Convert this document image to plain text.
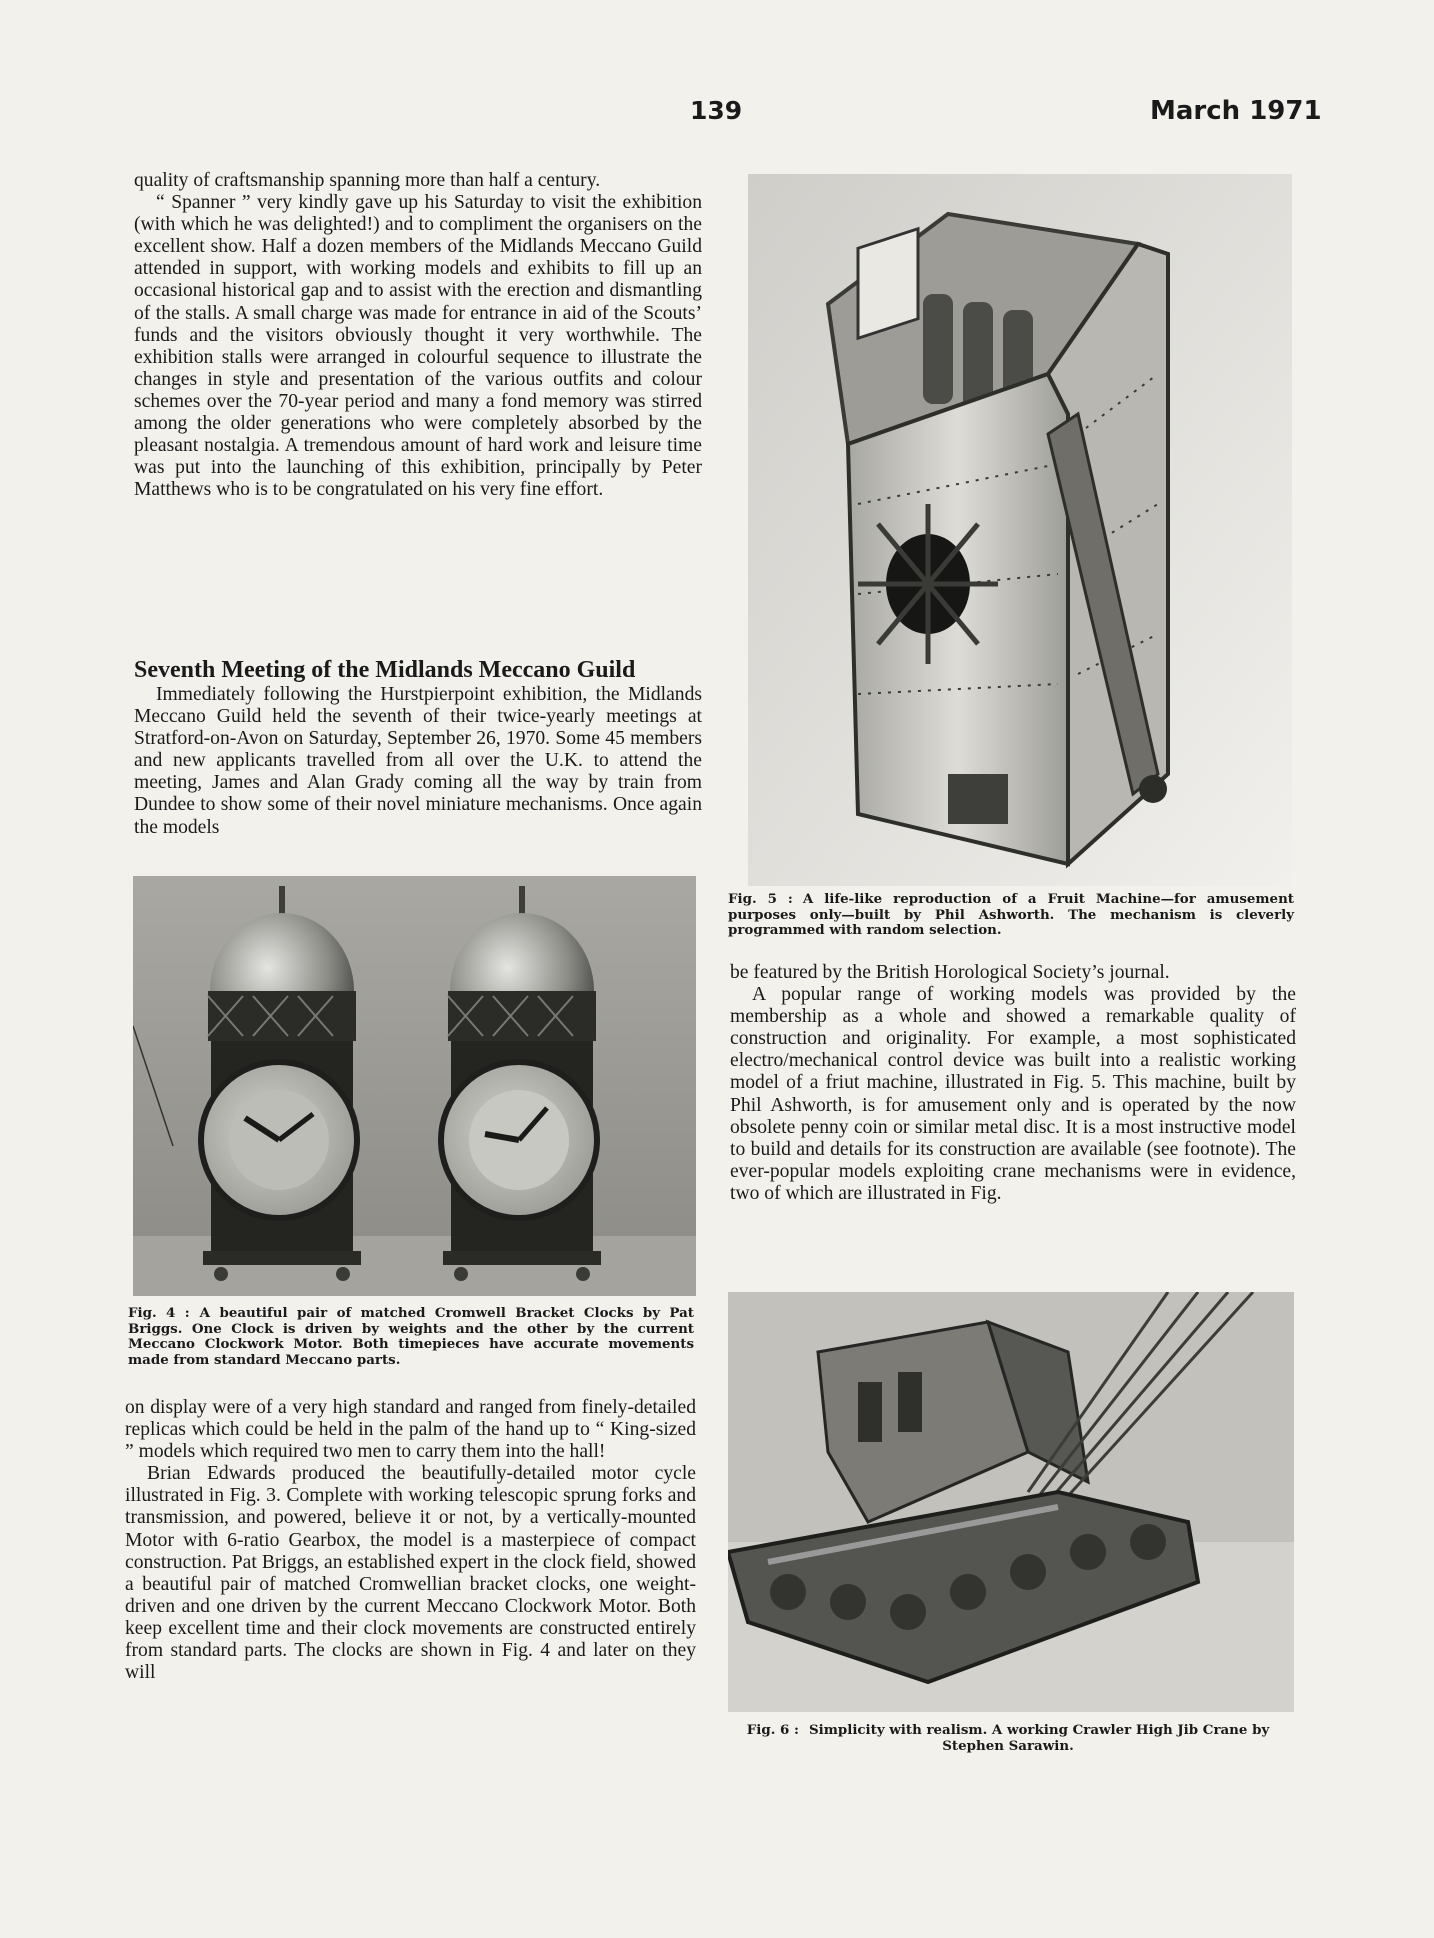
139	March 1971

quality of craftsmanship spanning more than half a century.

“ Spanner ” very kindly gave up his Saturday to visit the exhibition (with which he was delighted!) and to compliment the organisers on the excellent show. Half a dozen members of the Midlands Meccano Guild attended in support, with working models and exhibits to fill up an occasional historical gap and to assist with the erection and dismantling of the stalls. A small charge was made for entrance in aid of the Scouts’ funds and the visitors obviously thought it very worthwhile. The exhibition stalls were arranged in colourful sequence to illustrate the changes in style and presentation of the various outfits and colour schemes over the 70-year period and many a fond memory was stirred among the older generations who were completely absorbed by the pleasant nostalgia. A tremendous amount of hard work and leisure time was put into the launching of this exhibition, principally by Peter Matthews who is to be congratulated on his very fine effort.

Seventh Meeting of the Midlands Meccano Guild

Immediately following the Hurstpierpoint exhibition, the Midlands Meccano Guild held the seventh of their twice-yearly meetings at Stratford-on-Avon on Saturday, September 26, 1970. Some 45 members and new applicants travelled from all over the U.K. to attend the meeting, James and Alan Grady coming all the way by train from Dundee to show some of their novel miniature mechanisms. Once again the models

Fig. 4 : A beautiful pair of matched Cromwell Bracket Clocks by Pat Briggs. One Clock is driven by weights and the other by the current Meccano Clockwork Motor. Both timepieces have accurate movements made from standard Meccano parts.

on display were of a very high standard and ranged from finely-detailed replicas which could be held in the palm of the hand up to “ King-sized ” models which required two men to carry them into the hall!

Brian Edwards produced the beautifully-detailed motor cycle illustrated in Fig. 3. Complete with working telescopic sprung forks and transmission, and powered, believe it or not, by a vertically-mounted Motor with 6-ratio Gearbox, the model is a masterpiece of compact construction. Pat Briggs, an established expert in the clock field, showed a beautiful pair of matched Cromwellian bracket clocks, one weight-driven and one driven by the current Meccano Clockwork Motor. Both keep excellent time and their clock movements are constructed entirely from standard parts. The clocks are shown in Fig. 4 and later on they will

Fig. 5 : A life-like reproduction of a Fruit Machine—for amusement purposes only—built by Phil Ashworth. The mechanism is cleverly programmed with random selection.

be featured by the British Horological Society’s journal.

A popular range of working models was provided by the membership as a whole and showed a remarkable quality of construction and originality. For example, a most sophisticated electro/mechanical control device was built into a realistic working model of a friut machine, illustrated in Fig. 5. This machine, built by Phil Ashworth, is for amusement only and is operated by the now obsolete penny coin or similar metal disc. It is a most instructive model to build and details for its construction are available (see footnote). The ever-popular models exploiting crane mechanisms were in evidence, two of which are illustrated in Fig.

Fig. 6 : Simplicity with realism. A working Crawler High Jib Crane by Stephen Sarawin.
